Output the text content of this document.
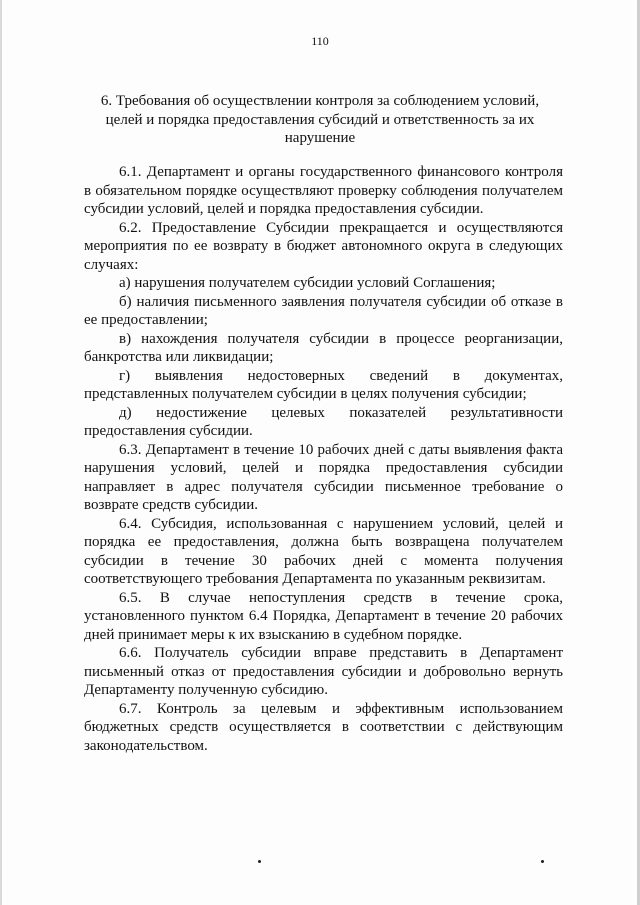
110
6. Требования об осуществлении контроля за соблюдением условий, целей и порядка предоставления субсидий и ответственность за их нарушение

6.1. Департамент и органы государственного финансового контроля в обязательном порядке осуществляют проверку соблюдения получателем субсидии условий, целей и порядка предоставления субсидии.

6.2. Предоставление Субсидии прекращается и осуществляются мероприятия по ее возврату в бюджет автономного округа в следующих случаях:

а) нарушения получателем субсидии условий Соглашения;

б) наличия письменного заявления получателя субсидии об отказе в ее предоставлении;

в) нахождения получателя субсидии в процессе реорганизации, банкротства или ликвидации;

г) выявления недостоверных сведений в документах, представленных получателем субсидии в целях получения субсидии;

д) недостижение целевых показателей результативности предоставления субсидии.

6.3. Департамент в течение 10 рабочих дней с даты выявления факта нарушения условий, целей и порядка предоставления субсидии направляет в адрес получателя субсидии письменное требование о возврате средств субсидии.

6.4. Субсидия, использованная с нарушением условий, целей и порядка ее предоставления, должна быть возвращена получателем субсидии в течение 30 рабочих дней с момента получения соответствующего требования Департамента по указанным реквизитам.

6.5. В случае непоступления средств в течение срока, установленного пунктом 6.4 Порядка, Департамент в течение 20 рабочих дней принимает меры к их взысканию в судебном порядке.

6.6. Получатель субсидии вправе представить в Департамент письменный отказ от предоставления субсидии и добровольно вернуть Департаменту полученную субсидию.

6.7. Контроль за целевым и эффективным использованием бюджетных средств осуществляется в соответствии с действующим законодательством.
